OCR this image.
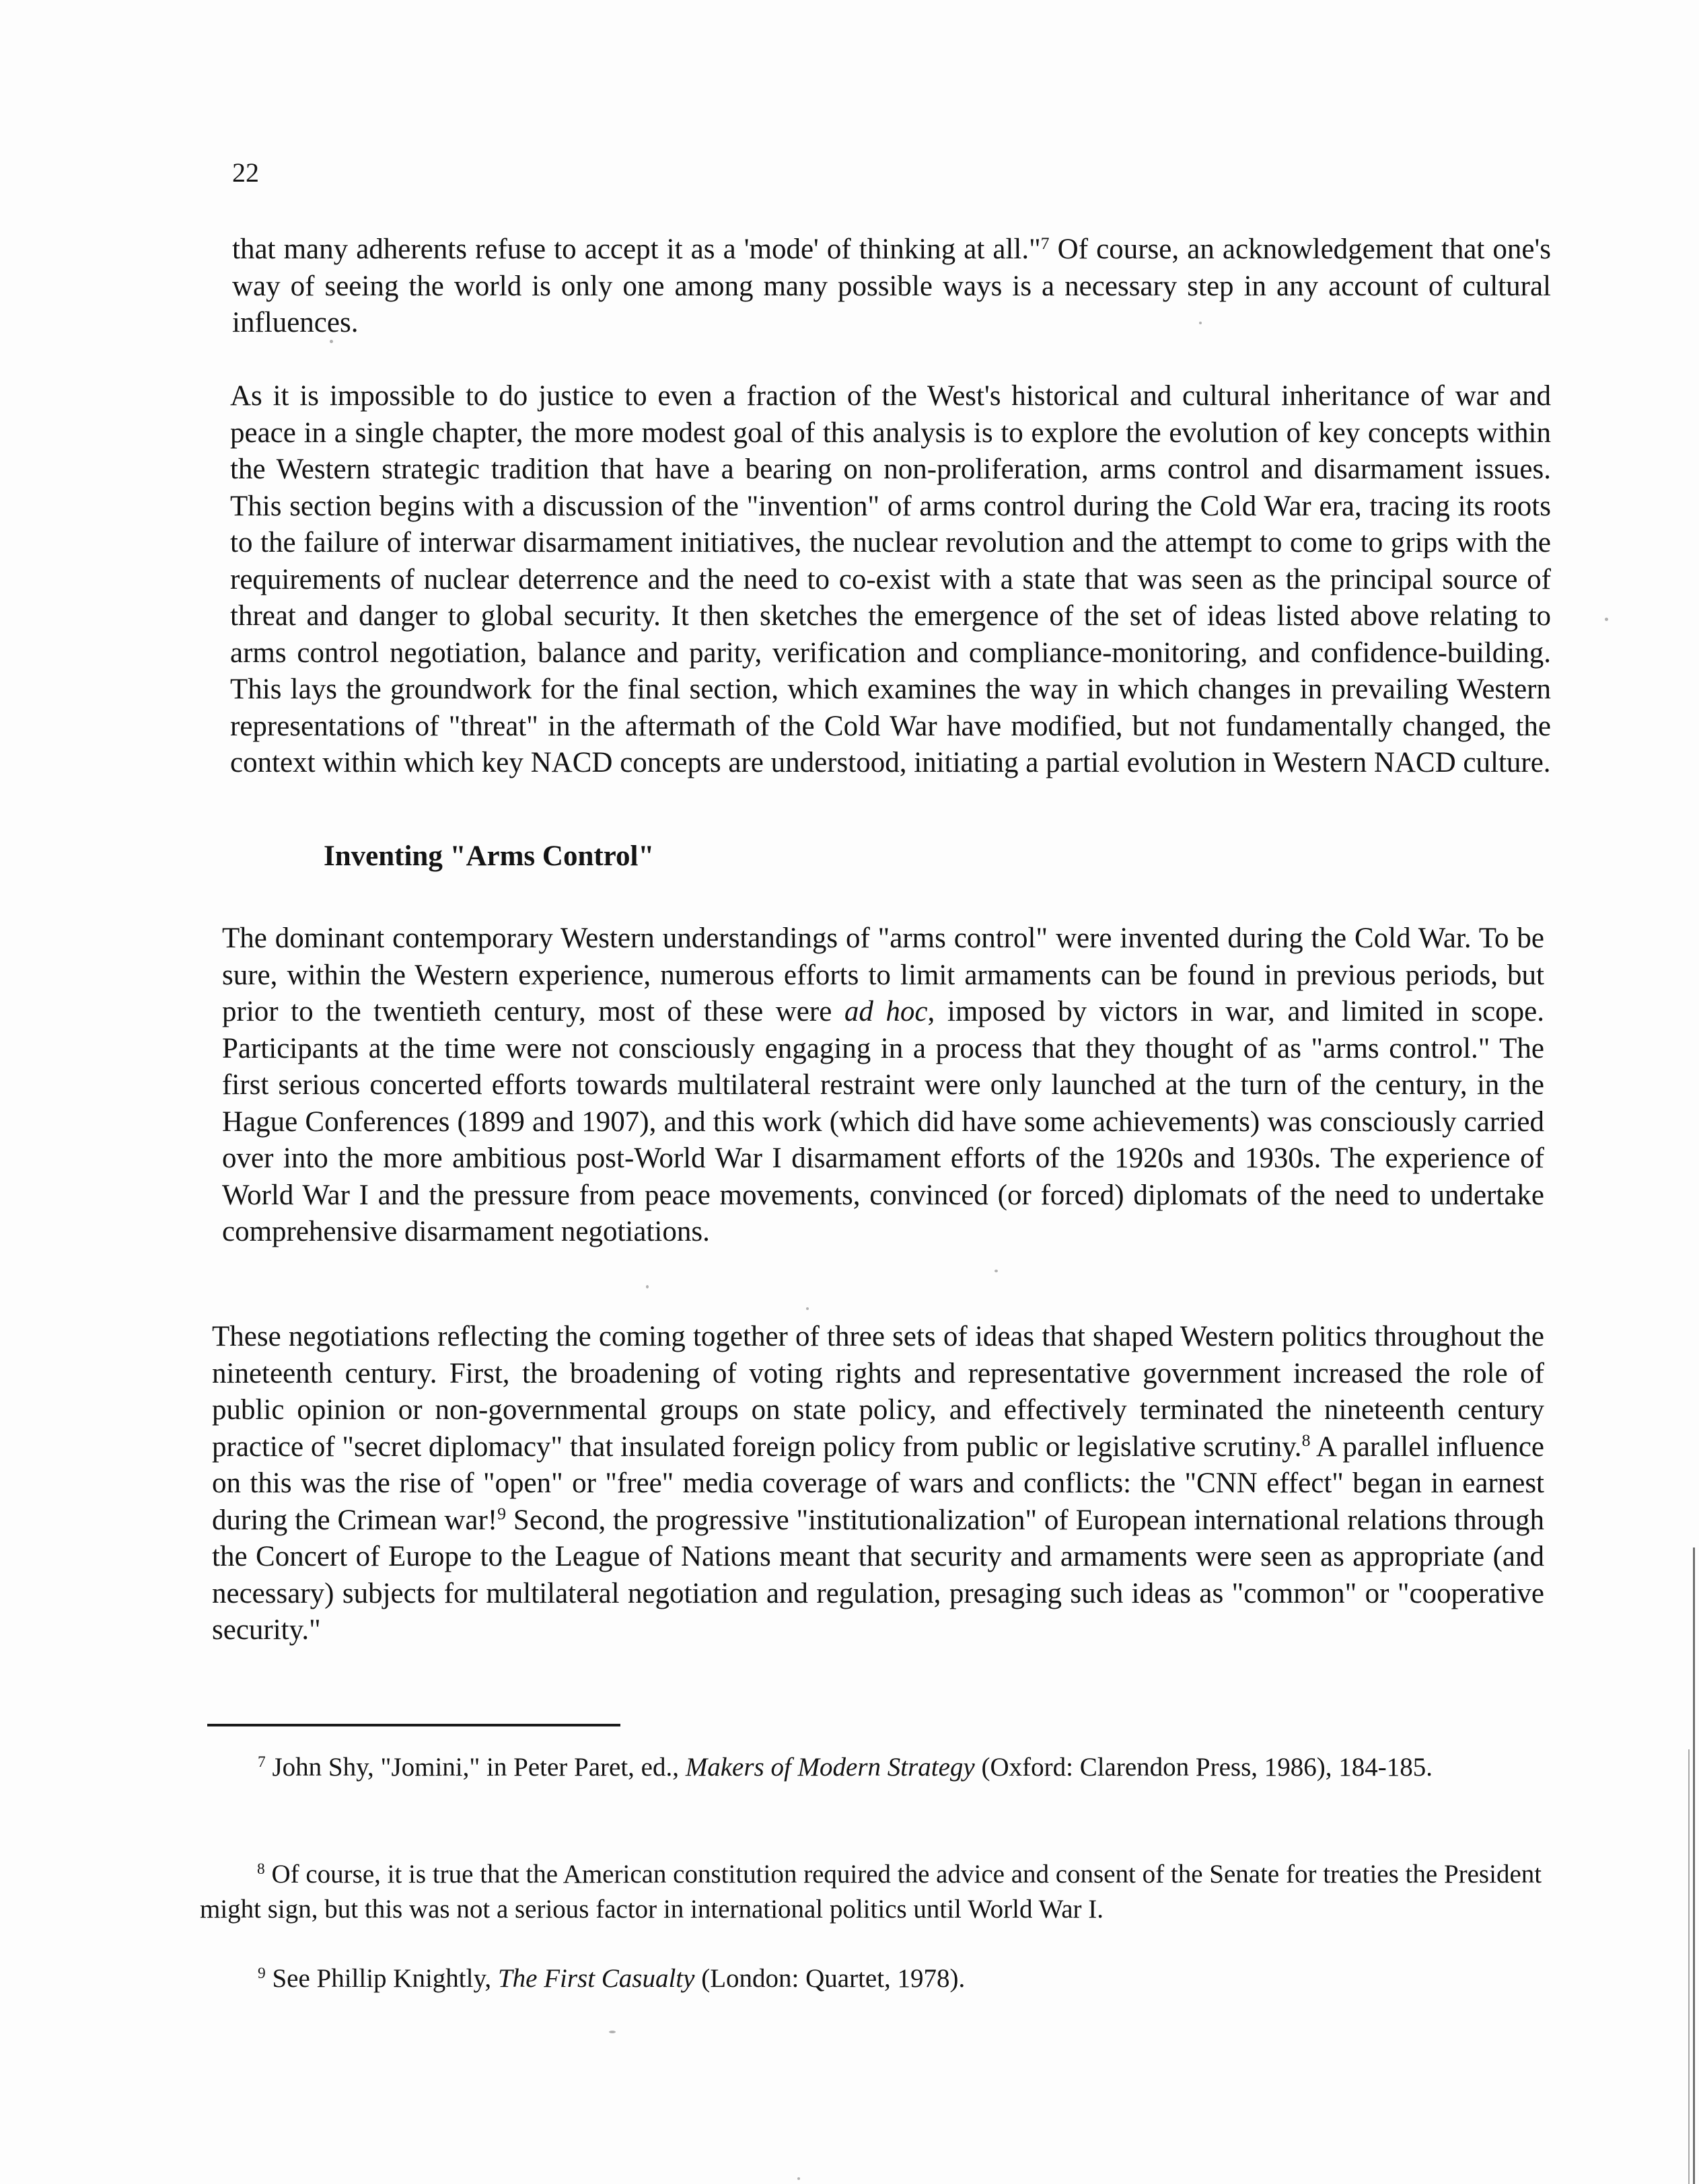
22

that many adherents refuse to accept it as a 'mode' of thinking at all."$^7$ Of course, an acknowledgement that one's way of seeing the world is only one among many possible ways is a necessary step in any account of cultural influences.

As it is impossible to do justice to even a fraction of the West's historical and cultural inheritance of war and peace in a single chapter, the more modest goal of this analysis is to explore the evolution of key concepts within the Western strategic tradition that have a bearing on non-proliferation, arms control and disarmament issues. This section begins with a discussion of the "invention" of arms control during the Cold War era, tracing its roots to the failure of interwar disarmament initiatives, the nuclear revolution and the attempt to come to grips with the requirements of nuclear deterrence and the need to co-exist with a state that was seen as the principal source of threat and danger to global security. It then sketches the emergence of the set of ideas listed above relating to arms control negotiation, balance and parity, verification and compliance-monitoring, and confidence-building. This lays the groundwork for the final section, which examines the way in which changes in prevailing Western representations of "threat" in the aftermath of the Cold War have modified, but not fundamentally changed, the context within which key NACD concepts are understood, initiating a partial evolution in Western NACD culture.

Inventing "Arms Control"

The dominant contemporary Western understandings of "arms control" were invented during the Cold War. To be sure, within the Western experience, numerous efforts to limit armaments can be found in previous periods, but prior to the twentieth century, most of these were ad hoc, imposed by victors in war, and limited in scope. Participants at the time were not consciously engaging in a process that they thought of as "arms control." The first serious concerted efforts towards multilateral restraint were only launched at the turn of the century, in the Hague Conferences (1899 and 1907), and this work (which did have some achievements) was consciously carried over into the more ambitious post-World War I disarmament efforts of the 1920s and 1930s. The experience of World War I and the pressure from peace movements, convinced (or forced) diplomats of the need to undertake comprehensive disarmament negotiations.

These negotiations reflecting the coming together of three sets of ideas that shaped Western politics throughout the nineteenth century. First, the broadening of voting rights and representative government increased the role of public opinion or non-governmental groups on state policy, and effectively terminated the nineteenth century practice of "secret diplomacy" that insulated foreign policy from public or legislative scrutiny.$^8$ A parallel influence on this was the rise of "open" or "free" media coverage of wars and conflicts: the "CNN effect" began in earnest during the Crimean war!$^9$ Second, the progressive "institutionalization" of European international relations through the Concert of Europe to the League of Nations meant that security and armaments were seen as appropriate (and necessary) subjects for multilateral negotiation and regulation, presaging such ideas as "common" or "cooperative security."

$^7$ John Shy, "Jomini," in Peter Paret, ed., Makers of Modern Strategy (Oxford: Clarendon Press, 1986), 184-185.

$^8$ Of course, it is true that the American constitution required the advice and consent of the Senate for treaties the President might sign, but this was not a serious factor in international politics until World War I.

$^9$ See Phillip Knightly, The First Casualty (London: Quartet, 1978).
